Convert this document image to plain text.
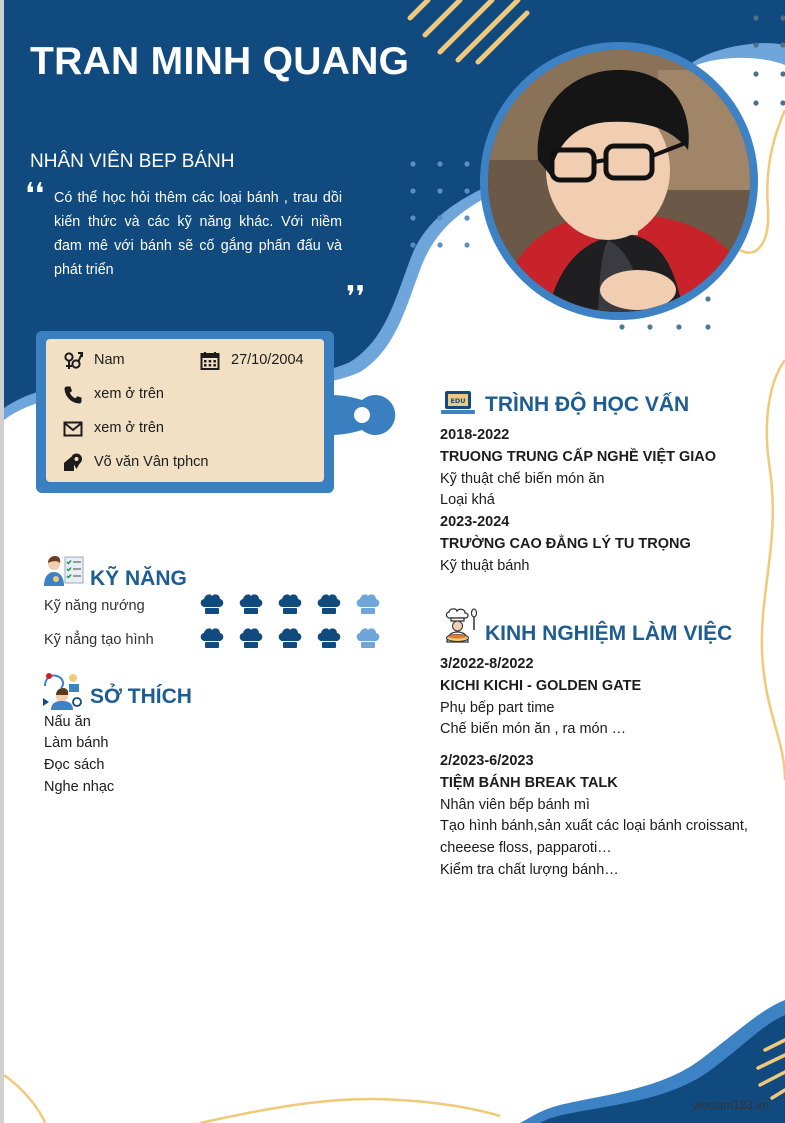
TRAN MINH QUANG
NHÂN VIÊN BEP BÁNH
❛❛ Có thể học hỏi thêm các loại bánh , trau dồi kiến thức và các kỹ năng khác. Với niềm đam mê với bánh sẽ cố gắng phấn đấu và phát triển
❜❜
Nam	27/10/2004
xem ở trên
xem ở trên
Võ văn Vân tphcn
KỸ NĂNG
Kỹ năng nướng
Kỹ nẳng tạo hình
SỞ THÍCH
Nấu ăn
Làm bánh
Đọc sách
Nghe nhạc
EDU TRÌNH ĐỘ HỌC VẤN
2018-2022
TRUONG TRUNG CẤP NGHỀ VIỆT GIAO
Kỹ thuật chế biến món ăn
Loại khá
2023-2024
TRƯỜNG CAO ĐẲNG LÝ TU TRỌNG
Kỹ thuật bánh
KINH NGHIỆM LÀM VIỆC
3/2022-8/2022
KICHI KICHI - GOLDEN GATE
Phụ bếp part time
Chế biến món ăn , ra món …
2/2023-6/2023
TIỆM BÁNH BREAK TALK
Nhân viên bếp bánh mì
Tạo hình bánh,sản xuất các loại bánh croissant,
cheeese floss, papparoti…
Kiểm tra chất lượng bánh…
vieclam123.vn
